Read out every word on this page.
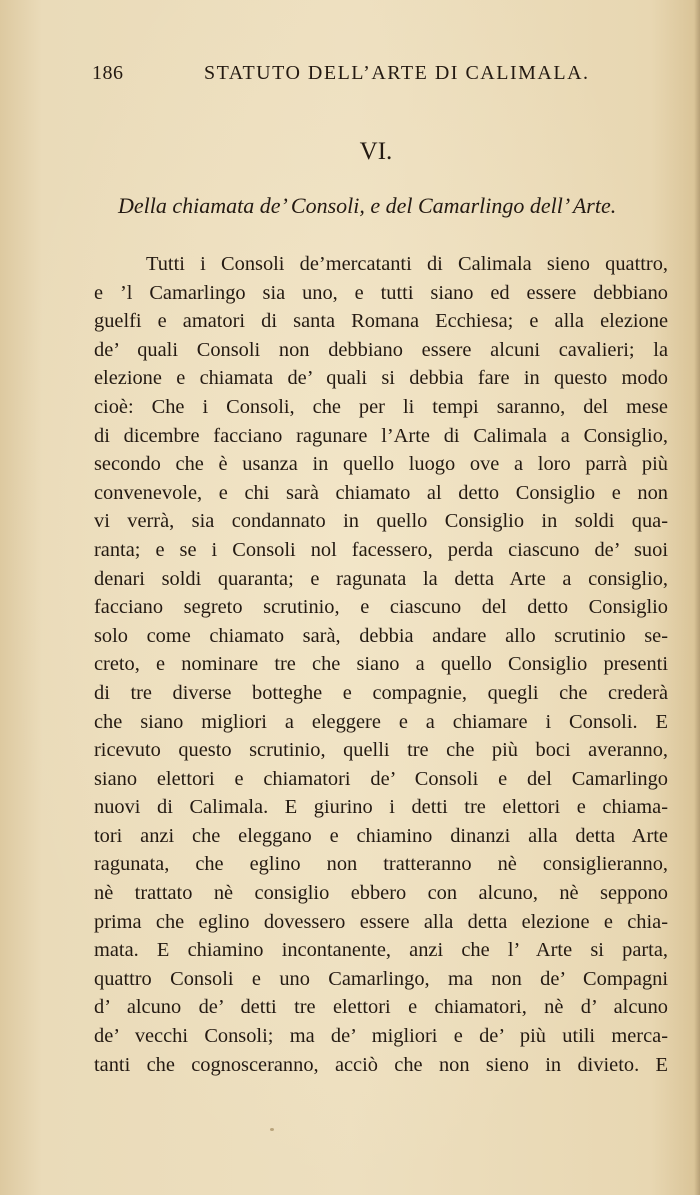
186	STATUTO DELL’ARTE DI CALIMALA.
VI.
Della chiamata de’ Consoli, e del Camarlingo dell’ Arte.
Tutti i Consoli de’mercatanti di Calimala sieno quattro,
e ’l Camarlingo sia uno, e tutti siano ed essere debbiano
guelfi e amatori di santa Romana Ecchiesa; e alla elezione
de’ quali Consoli non debbiano essere alcuni cavalieri; la
elezione e chiamata de’ quali si debbia fare in questo modo
cioè: Che i Consoli, che per li tempi saranno, del mese
di dicembre facciano ragunare l’Arte di Calimala a Consiglio,
secondo che è usanza in quello luogo ove a loro parrà più
convenevole, e chi sarà chiamato al detto Consiglio e non
vi verrà, sia condannato in quello Consiglio in soldi qua-
ranta; e se i Consoli nol facessero, perda ciascuno de’ suoi
denari soldi quaranta; e ragunata la detta Arte a consiglio,
facciano segreto scrutinio, e ciascuno del detto Consiglio
solo come chiamato sarà, debbia andare allo scrutinio se-
creto, e nominare tre che siano a quello Consiglio presenti
di tre diverse botteghe e compagnie, quegli che crederà
che siano migliori a eleggere e a chiamare i Consoli. E
ricevuto questo scrutinio, quelli tre che più boci averanno,
siano elettori e chiamatori de’ Consoli e del Camarlingo
nuovi di Calimala. E giurino i detti tre elettori e chiama-
tori anzi che eleggano e chiamino dinanzi alla detta Arte
ragunata, che eglino non tratteranno nè consiglieranno,
nè trattato nè consiglio ebbero con alcuno, nè seppono
prima che eglino dovessero essere alla detta elezione e chia-
mata. E chiamino incontanente, anzi che l’ Arte si parta,
quattro Consoli e uno Camarlingo, ma non de’ Compagni
d’ alcuno de’ detti tre elettori e chiamatori, nè d’ alcuno
de’ vecchi Consoli; ma de’ migliori e de’ più utili merca-
tanti che cognosceranno, acciò che non sieno in divieto. E
